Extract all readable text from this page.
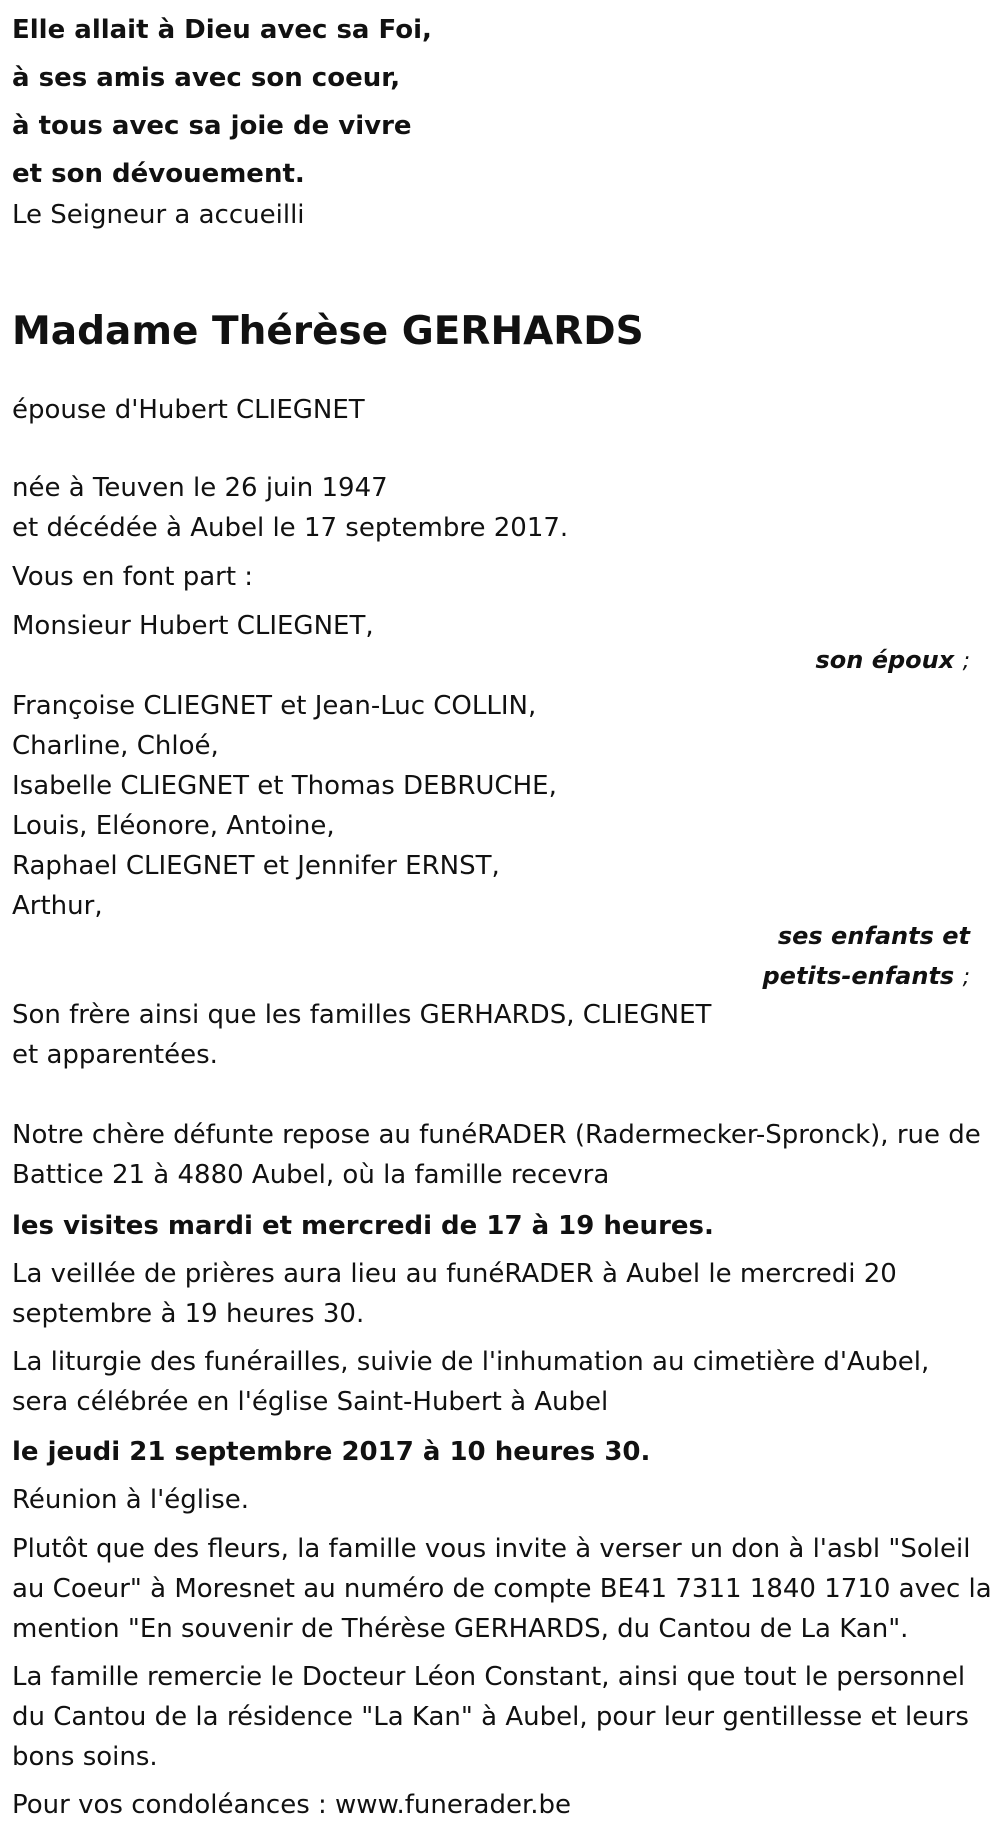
Elle allait à Dieu avec sa Foi,
à ses amis avec son coeur,
à tous avec sa joie de vivre
et son dévouement.
Le Seigneur a accueilli
Madame Thérèse GERHARDS
épouse d'Hubert CLIEGNET
née à Teuven le 26 juin 1947
et décédée à Aubel le 17 septembre 2017.
Vous en font part :
Monsieur Hubert CLIEGNET,
son époux ;
Françoise CLIEGNET et Jean-Luc COLLIN,
Charline, Chloé,
Isabelle CLIEGNET et Thomas DEBRUCHE,
Louis, Eléonore, Antoine,
Raphael CLIEGNET et Jennifer ERNST,
Arthur,
ses enfants et
petits-enfants ;
Son frère ainsi que les familles GERHARDS, CLIEGNET
et apparentées.
Notre chère défunte repose au funéRADER (Radermecker-Spronck), rue de Battice 21 à 4880 Aubel, où la famille recevra
les visites mardi et mercredi de 17 à 19 heures.
La veillée de prières aura lieu au funéRADER à Aubel le mercredi 20 septembre à 19 heures 30.
La liturgie des funérailles, suivie de l'inhumation au cimetière d'Aubel, sera célébrée en l'église Saint-Hubert à Aubel
le jeudi 21 septembre 2017 à 10 heures 30.
Réunion à l'église.
Plutôt que des fleurs, la famille vous invite à verser un don à l'asbl "Soleil au Coeur" à Moresnet au numéro de compte BE41 7311 1840 1710 avec la mention "En souvenir de Thérèse GERHARDS, du Cantou de La Kan".
La famille remercie le Docteur Léon Constant, ainsi que tout le personnel du Cantou de la résidence "La Kan" à Aubel, pour leur gentillesse et leurs bons soins.
Pour vos condoléances : www.funerader.be
